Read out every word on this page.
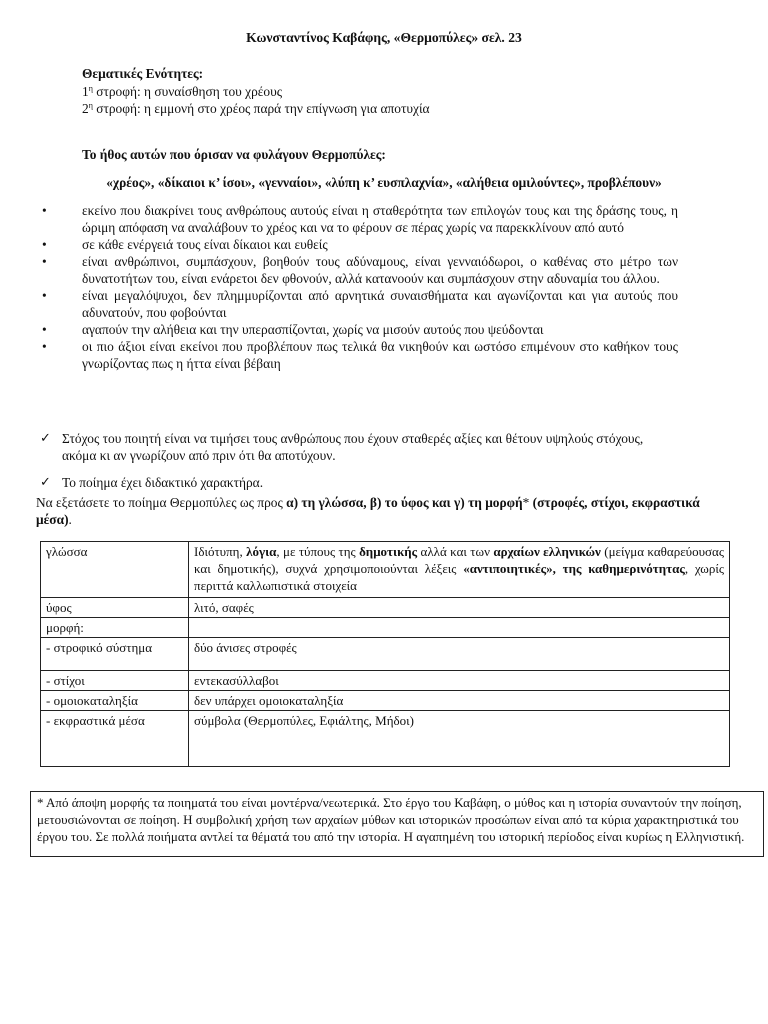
Κωνσταντίνος Καβάφης, «Θερμοπύλες» σελ. 23
Θεματικές Ενότητες:
$1^\eta$ στροφή: η συναίσθηση του χρέους
$2^\eta$ στροφή: η εμμονή στο χρέος παρά την επίγνωση για αποτυχία
Το ήθος αυτών που όρισαν να φυλάγουν Θερμοπύλες:
«χρέος», «δίκαιοι κ’ ίσοι», «γενναίοι», «λύπη κ’ ευσπλαχνία», «αλήθεια ομιλούντες», προβλέπουν»
•	εκείνο που διακρίνει τους ανθρώπους αυτούς είναι η σταθερότητα των επιλογών τους και της δράσης τους, η ώριμη απόφαση να αναλάβουν το χρέος και να το φέρουν σε πέρας χωρίς να παρεκκλίνουν από αυτό
•	σε κάθε ενέργειά τους είναι δίκαιοι και ευθείς
•	είναι ανθρώπινοι, συμπάσχουν, βοηθούν τους αδύναμους, είναι γενναιόδωροι, ο καθένας στο μέτρο των δυνατοτήτων του, είναι ενάρετοι δεν φθονούν, αλλά κατανοούν και συμπάσχουν στην αδυναμία του άλλου.
•	είναι μεγαλόψυχοι, δεν πλημμυρίζονται από αρνητικά συναισθήματα και αγωνίζονται και για αυτούς που αδυνατούν, που φοβούνται
•	αγαπούν την αλήθεια και την υπερασπίζονται, χωρίς να μισούν αυτούς που ψεύδονται
•	οι πιο άξιοι είναι εκείνοι που προβλέπουν πως τελικά θα νικηθούν και ωστόσο επιμένουν στο καθήκον τους γνωρίζοντας πως η ήττα είναι βέβαιη
✓ Στόχος του ποιητή είναι να τιμήσει τους ανθρώπους που έχουν σταθερές αξίες και θέτουν υψηλούς στόχους, ακόμα κι αν γνωρίζουν από πριν ότι θα αποτύχουν.
✓ Το ποίημα έχει διδακτικό χαρακτήρα.
Να εξετάσετε το ποίημα Θερμοπύλες ως προς α) τη γλώσσα, β) το ύφος και γ) τη μορφή* (στροφές, στίχοι, εκφραστικά μέσα).
γλώσσα	Ιδιότυπη, λόγια, με τύπους της δημοτικής αλλά και των αρχαίων ελληνικών (μείγμα καθαρεύουσας και δημοτικής), συχνά χρησιμοποιούνται λέξεις «αντιποιητικές», της καθημερινότητας, χωρίς περιττά καλλωπιστικά στοιχεία
ύφος	λιτό, σαφές
μορφή:	
- στροφικό σύστημα	δύο άνισες στροφές
- στίχοι	εντεκασύλλαβοι
- ομοιοκαταληξία	δεν υπάρχει ομοιοκαταληξία
- εκφραστικά μέσα	σύμβολα (Θερμοπύλες, Εφιάλτης, Μήδοι)
* Από άποψη μορφής τα ποιηματά του είναι μοντέρνα/νεωτερικά. Στο έργο του Καβάφη, ο μύθος και η ιστορία συναντούν την ποίηση, μετουσιώνονται σε ποίηση. Η συμβολική χρήση των αρχαίων μύθων και ιστορικών προσώπων είναι από τα κύρια χαρακτηριστικά του έργου του. Σε πολλά ποιήματα αντλεί τα θέματά του από την ιστορία. Η αγαπημένη του ιστορική περίοδος είναι κυρίως η Ελληνιστική.
